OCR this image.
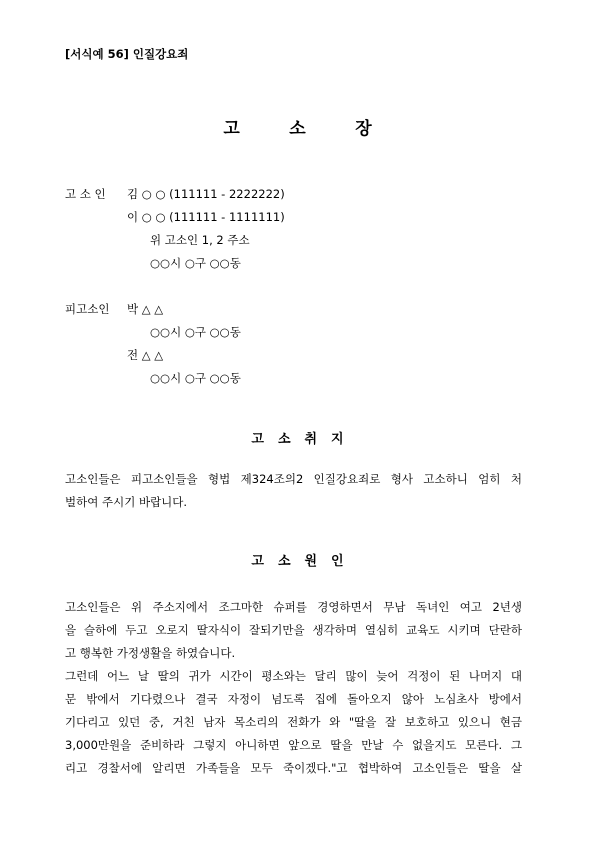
[서식예 56] 인질강요죄
고	소	장
고 소 인	김 ○ ○ (111111 - 2222222)
이 ○ ○ (111111 - 1111111)
위 고소인 1, 2 주소
○○시 ○구 ○○동
피고소인	박 △ △
○○시 ○구 ○○동
전 △ △
○○시 ○구 ○○동
고 소 취 지
고소인들은 피고소인들을 형법 제324조의2 인질강요죄로 형사 고소하니 엄히 처
벌하여 주시기 바랍니다.
고 소 원 인
고소인들은 위 주소지에서 조그마한 슈퍼를 경영하면서 무남 독녀인 여고 2년생
을 슬하에 두고 오로지 딸자식이 잘되기만을 생각하며 열심히 교육도 시키며 단란하
고 행복한 가정생활을 하였습니다.
그런데 어느 날 딸의 귀가 시간이 평소와는 달리 많이 늦어 걱정이 된 나머지 대
문 밖에서 기다렸으나 결국 자정이 넘도록 집에 돌아오지 않아 노심초사 방에서
기다리고 있던 중, 거친 남자 목소리의 전화가 와 "딸을 잘 보호하고 있으니 현금
3,000만원을 준비하라 그렇지 아니하면 앞으로 딸을 만날 수 없을지도 모른다. 그
리고 경찰서에 알리면 가족들을 모두 죽이겠다."고 협박하여 고소인들은 딸을 살
